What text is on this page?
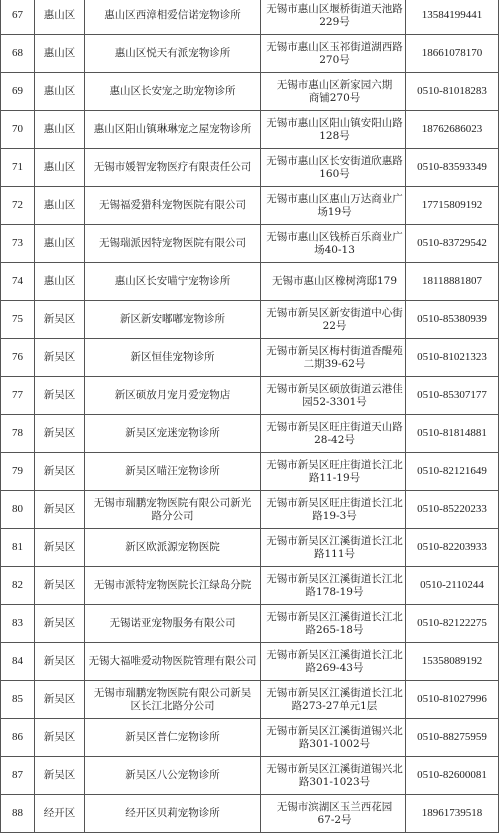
67	惠山区	惠山区西漳相爱信诺宠物诊所	无锡市惠山区堰桥街道天池路
229号	13584199441
68	惠山区	惠山区悦天有派宠物诊所	无锡市惠山区玉祁街道湖西路
270号	18661078170
69	惠山区	惠山区长安宠之助宠物诊所	无锡市惠山区新家园六期
商铺270号	0510-81018283
70	惠山区	惠山区阳山镇琳琳宠之屋宠物诊所	无锡市惠山区阳山镇安阳山路
128号	18762686023
71	惠山区	无锡市媛智宠物医疗有限责任公司	无锡市惠山区长安街道欣惠路
160号	0510-83593349
72	惠山区	无锡福爱猎科宠物医院有限公司	无锡市惠山区惠山万达商业广
场19号	17715809192
73	惠山区	无锡瑞派因特宠物医院有限公司	无锡市惠山区钱桥百乐商业广
场40-13	0510-83729542
74	惠山区	惠山区长安喵宁宠物诊所	无锡市惠山区橡树湾邸179	18118881807
75	新吴区	新区新安嘟嘟宠物诊所	无锡市新吴区新安街道中心街
22号	0510-85380939
76	新吴区	新区恒佳宠物诊所	无锡市新吴区梅村街道香醍苑
二期39-62号	0510-81021323
77	新吴区	新区硕放月宠月爱宠物店	无锡市新吴区硕放街道云港佳
园52-3301号	0510-85307177
78	新吴区	新吴区宠迷宠物诊所	无锡市新吴区旺庄街道天山路
28-42号	0510-81814881
79	新吴区	新吴区喵汪宠物诊所	无锡市新吴区旺庄街道长江北
路11-19号	0510-82121649
80	新吴区	无锡市瑞鹏宠物医院有限公司新光
路分公司	无锡市新吴区旺庄街道长江北
路19-3号	0510-85220233
81	新吴区	新区欧派源宠物医院	无锡市新吴区江溪街道长江北
路111号	0510-82203933
82	新吴区	无锡市派特宠物医院长江绿岛分院	无锡市新吴区江溪街道长江北
路178-19号	0510-2110244
83	新吴区	无锡诺亚宠物服务有限公司	无锡市新吴区江溪街道长江北
路265-18号	0510-82122275
84	新吴区	无锡大福唯爱动物医院管理有限公司	无锡市新吴区江溪街道长江北
路269-43号	15358089192
85	新吴区	无锡市瑞鹏宠物医院有限公司新吴
区长江北路分公司	无锡市新吴区江溪街道长江北
路273-27单元1层	0510-81027996
86	新吴区	新吴区普仁宠物诊所	无锡市新吴区江溪街道锡兴北
路301-1002号	0510-88275959
87	新吴区	新吴区八公宠物诊所	无锡市新吴区江溪街道锡兴北
路301-1023号	0510-82600081
88	经开区	经开区贝莉宠物诊所	无锡市滨湖区玉兰西花园
67-2号	18961739518
